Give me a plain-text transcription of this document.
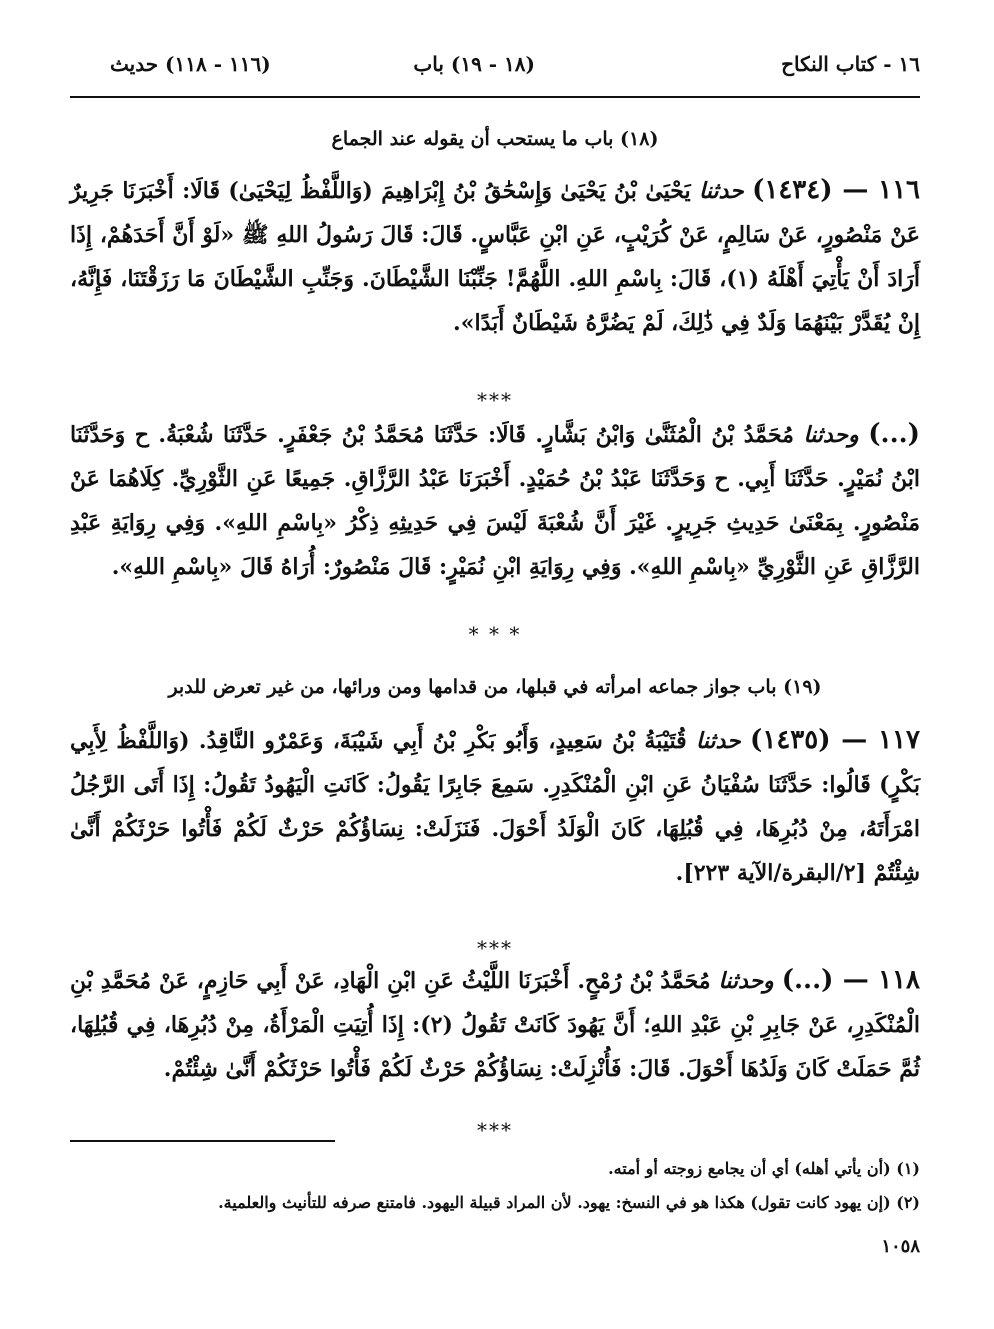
١٦ - كتاب النكاح
(١٨ - ١٩) باب
(١١٦ - ١١٨) حديث
(١٨) باب ما يستحب أن يقوله عند الجماع
١١٦ — (١٤٣٤) حدثنا يَحْيَىٰ بْنُ يَحْيَىٰ وَإِسْحَٰقُ بْنُ إِبْرَاهِيمَ (وَاللَّفْظُ لِيَحْيَىٰ) قَالَا: أَخْبَرَنَا جَرِيرٌ عَنْ مَنْصُورٍ، عَنْ سَالِمٍ، عَنْ كُرَيْبٍ، عَنِ ابْنِ عَبَّاسٍ. قَالَ: قَالَ رَسُولُ اللهِ ﷺ «لَوْ أَنَّ أَحَدَهُمْ، إِذَا أَرَادَ أَنْ يَأْتِيَ أَهْلَهُ (١)، قَالَ: بِاسْمِ اللهِ. اللَّهُمَّ! جَنِّبْنَا الشَّيْطَانَ. وَجَنِّبِ الشَّيْطَانَ مَا رَزَقْتَنَا، فَإِنَّهُ، إِنْ يُقَدَّرْ بَيْنَهُمَا وَلَدٌ فِي ذَٰلِكَ، لَمْ يَضُرَّهُ شَيْطَانٌ أَبَدًا».
***
(...) وحدثنا مُحَمَّدُ بْنُ الْمُثَنَّىٰ وَابْنُ بَشَّارٍ. قَالَا: حَدَّثَنَا مُحَمَّدُ بْنُ جَعْفَرٍ. حَدَّثَنَا شُعْبَةُ. ح وَحَدَّثَنَا ابْنُ نُمَيْرٍ. حَدَّثَنَا أَبِي. ح وَحَدَّثَنَا عَبْدُ بْنُ حُمَيْدٍ. أَخْبَرَنَا عَبْدُ الرَّزَّاقِ. جَمِيعًا عَنِ الثَّوْرِيِّ. كِلَاهُمَا عَنْ مَنْصُورٍ. بِمَعْنَىٰ حَدِيثِ جَرِيرٍ. غَيْرَ أَنَّ شُعْبَةَ لَيْسَ فِي حَدِيثِهِ ذِكْرُ «بِاسْمِ اللهِ». وَفِي رِوَايَةِ عَبْدِ الرَّزَّاقِ عَنِ الثَّوْرِيِّ «بِاسْمِ اللهِ». وَفِي رِوَايَةِ ابْنِ نُمَيْرٍ: قَالَ مَنْصُورٌ: أُرَاهُ قَالَ «بِاسْمِ اللهِ».
* * *
(١٩) باب جواز جماعه امرأته في قبلها، من قدامها ومن ورائها، من غير تعرض للدبر
١١٧ — (١٤٣٥) حدثنا قُتَيْبَةُ بْنُ سَعِيدٍ، وَأَبُو بَكْرِ بْنُ أَبِي شَيْبَةَ، وَعَمْرٌو النَّاقِدُ. (وَاللَّفْظُ لِأَبِي بَكْرٍ) قَالُوا: حَدَّثَنَا سُفْيَانُ عَنِ ابْنِ الْمُنْكَدِرِ. سَمِعَ جَابِرًا يَقُولُ: كَانَتِ الْيَهُودُ تَقُولُ: إِذَا أَتَى الرَّجُلُ امْرَأَتَهُ، مِنْ دُبُرِهَا، فِي قُبُلِهَا، كَانَ الْوَلَدُ أَحْوَلَ. فَنَزَلَتْ: نِسَاؤُكُمْ حَرْثٌ لَكُمْ فَأْتُوا حَرْثَكُمْ أَنَّىٰ شِئْتُمْ [٢/البقرة/الآية ٢٢٣].
***
١١٨ — (...) وحدثنا مُحَمَّدُ بْنُ رُمْحٍ. أَخْبَرَنَا اللَّيْثُ عَنِ ابْنِ الْهَادِ، عَنْ أَبِي حَازِمٍ، عَنْ مُحَمَّدِ بْنِ الْمُنْكَدِرِ، عَنْ جَابِرِ بْنِ عَبْدِ اللهِ؛ أَنَّ يَهُودَ كَانَتْ تَقُولُ (٢): إِذَا أُتِيَتِ الْمَرْأَةُ، مِنْ دُبُرِهَا، فِي قُبُلِهَا، ثُمَّ حَمَلَتْ كَانَ وَلَدُهَا أَحْوَلَ. قَالَ: فَأُنْزِلَتْ: نِسَاؤُكُمْ حَرْثٌ لَكُمْ فَأْتُوا حَرْثَكُمْ أَنَّىٰ شِئْتُمْ.
***
(١) (أن يأتي أهله) أي أن يجامع زوجته أو أمته.
(٢) (إن يهود كانت تقول) هكذا هو في النسخ: يهود. لأن المراد قبيلة اليهود. فامتنع صرفه للتأنيث والعلمية.
١٠٥٨
